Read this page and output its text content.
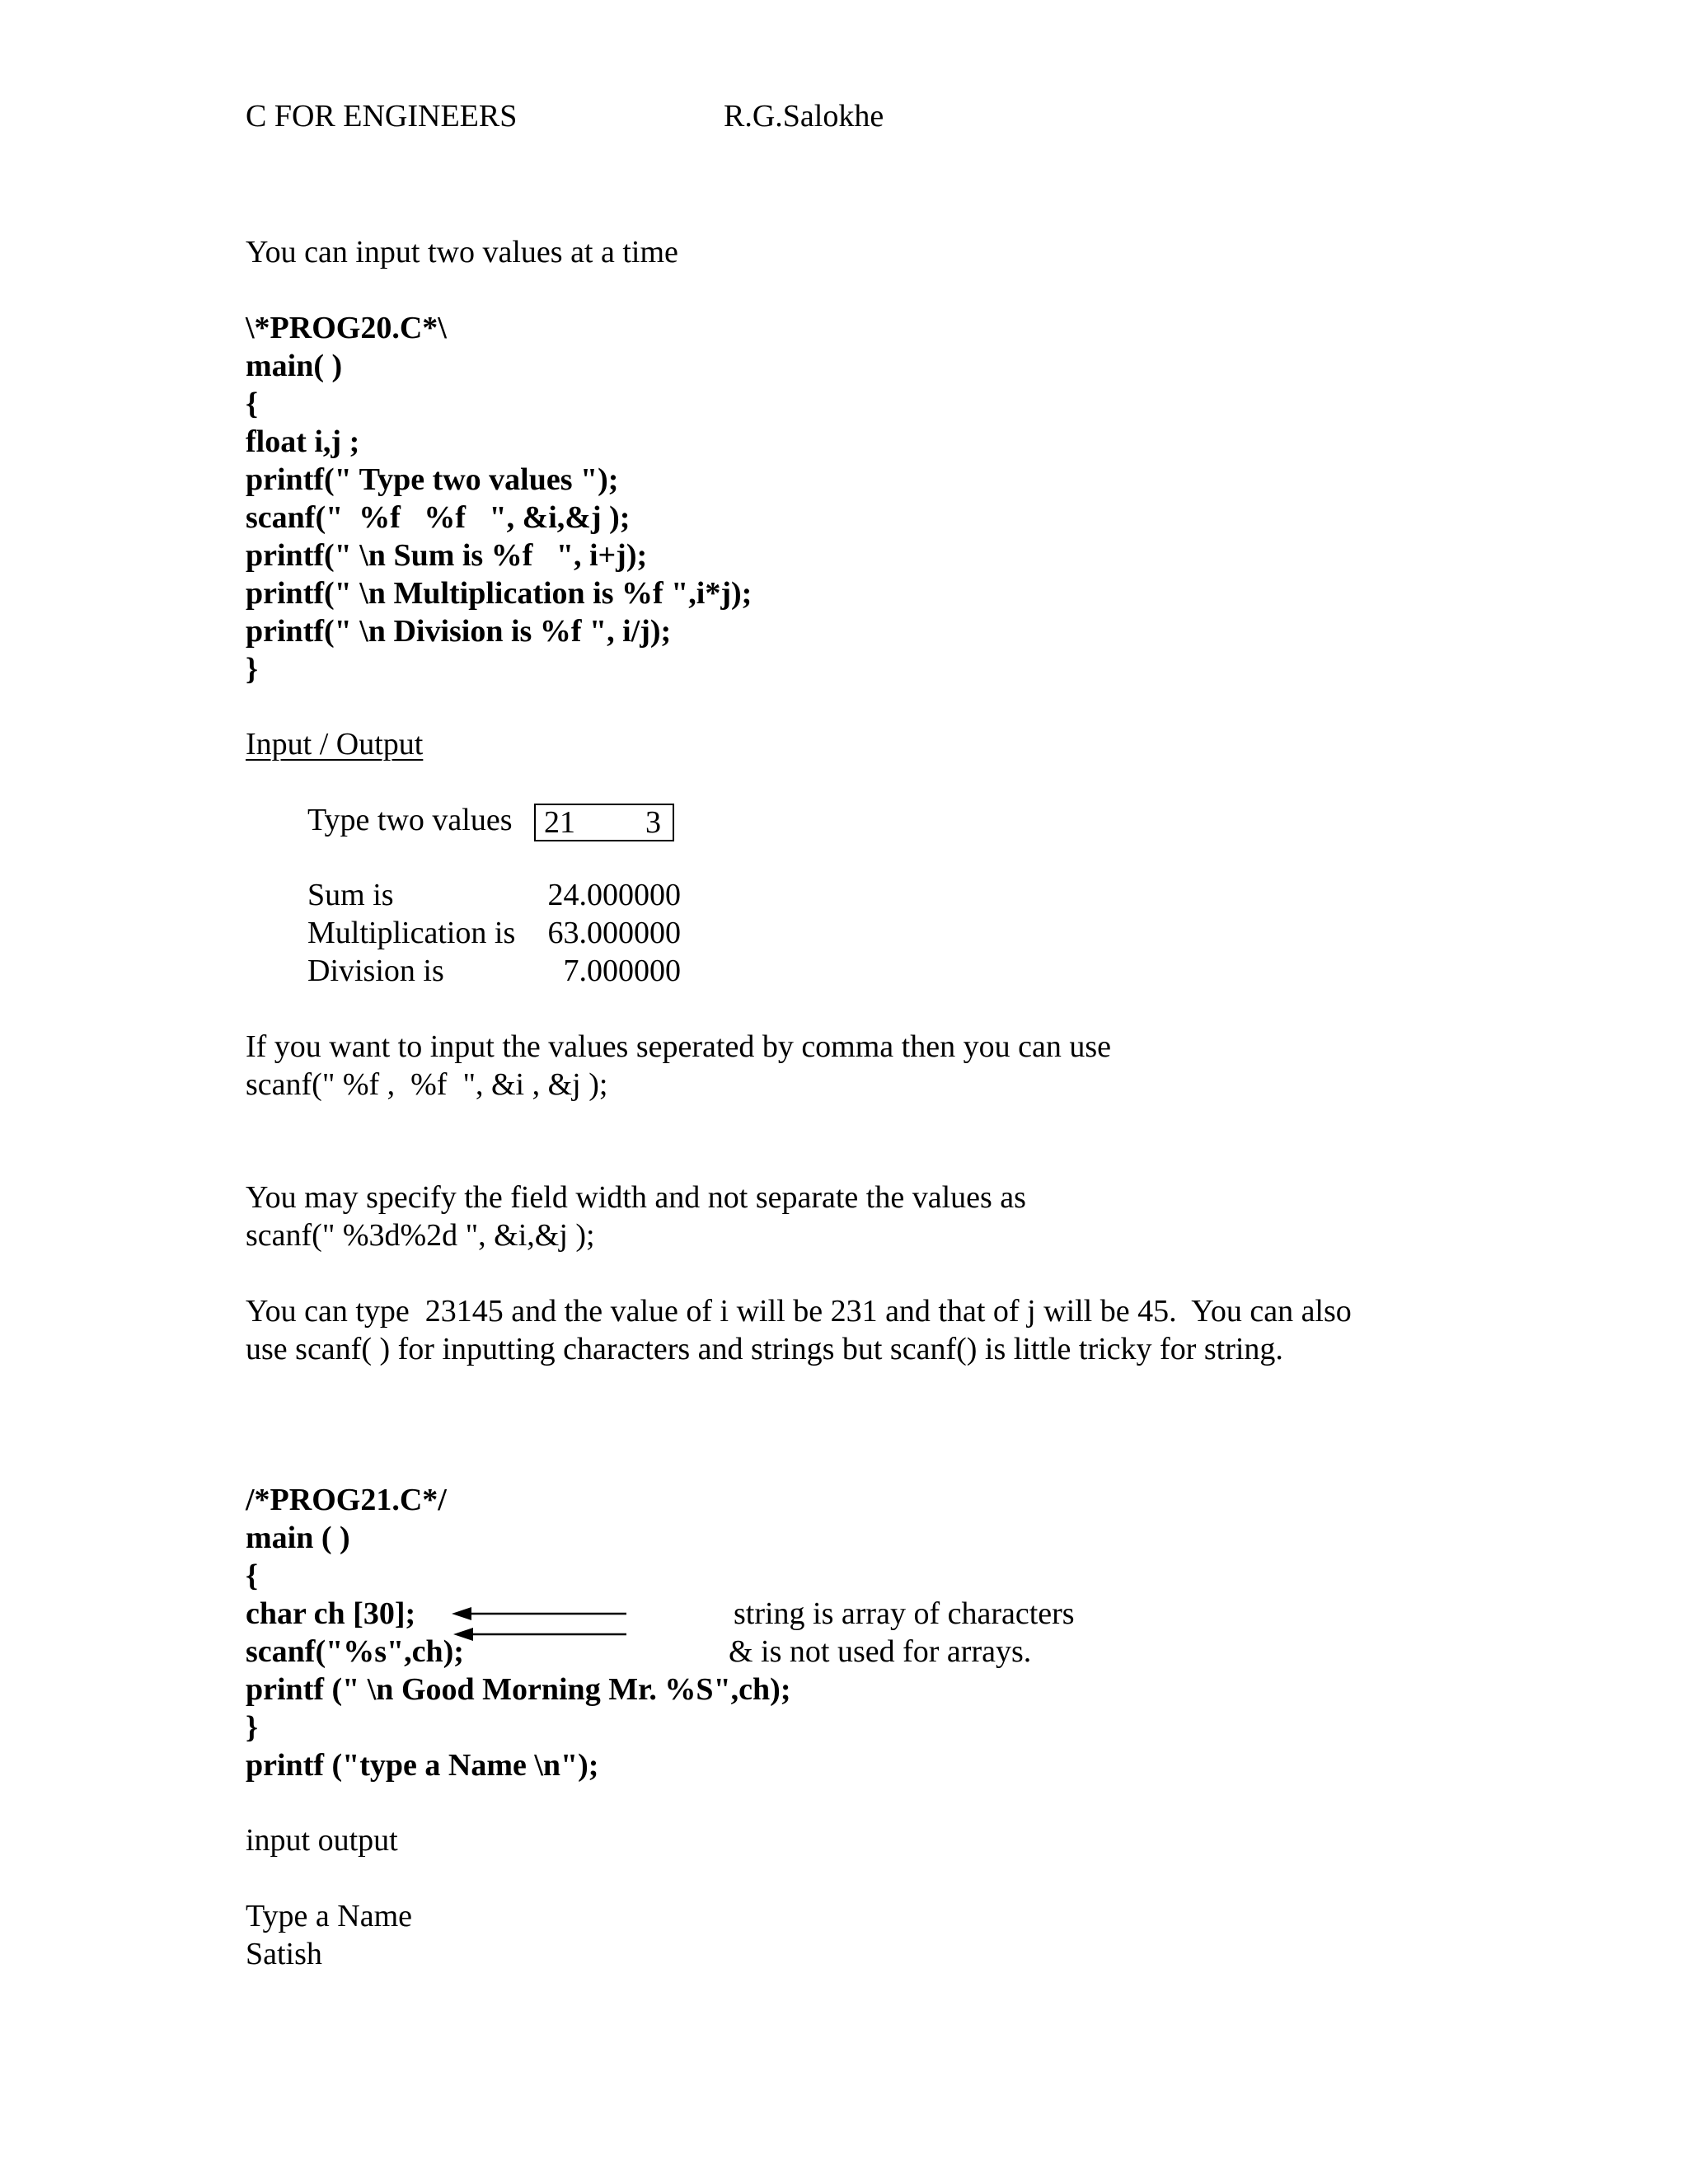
C FOR ENGINEERS	R.G.Salokhe
You can input two values at a time
\*PROG20.C*\
main( )
{
float i,j ;
printf(" Type two values ");
scanf("  %f   %f   ", &i,&j );
printf(" \n Sum is %f   ", i+j);
printf(" \n Multiplication is %f ",i*j);
printf(" \n Division is %f ", i/j);
}
Input / Output
Type two values 21 3
Sum is	24.000000
Multiplication is	63.000000
Division is	7.000000
If you want to input the values seperated by comma then you can use
scanf(" %f ,  %f  ", &i , &j );
You may specify the field width and not separate the values as
scanf(" %3d%2d ", &i,&j );
You can type  23145 and the value of i will be 231 and that of j will be 45.  You can also
use scanf( ) for inputting characters and strings but scanf() is little tricky for string.
/*PROG21.C*/
main ( )
{
char ch [30];
scanf("%s",ch);
printf (" \n Good Morning Mr. %S",ch);
}
printf ("type a Name \n");
string is array of characters
& is not used for arrays.
input output
Type a Name
Satish
